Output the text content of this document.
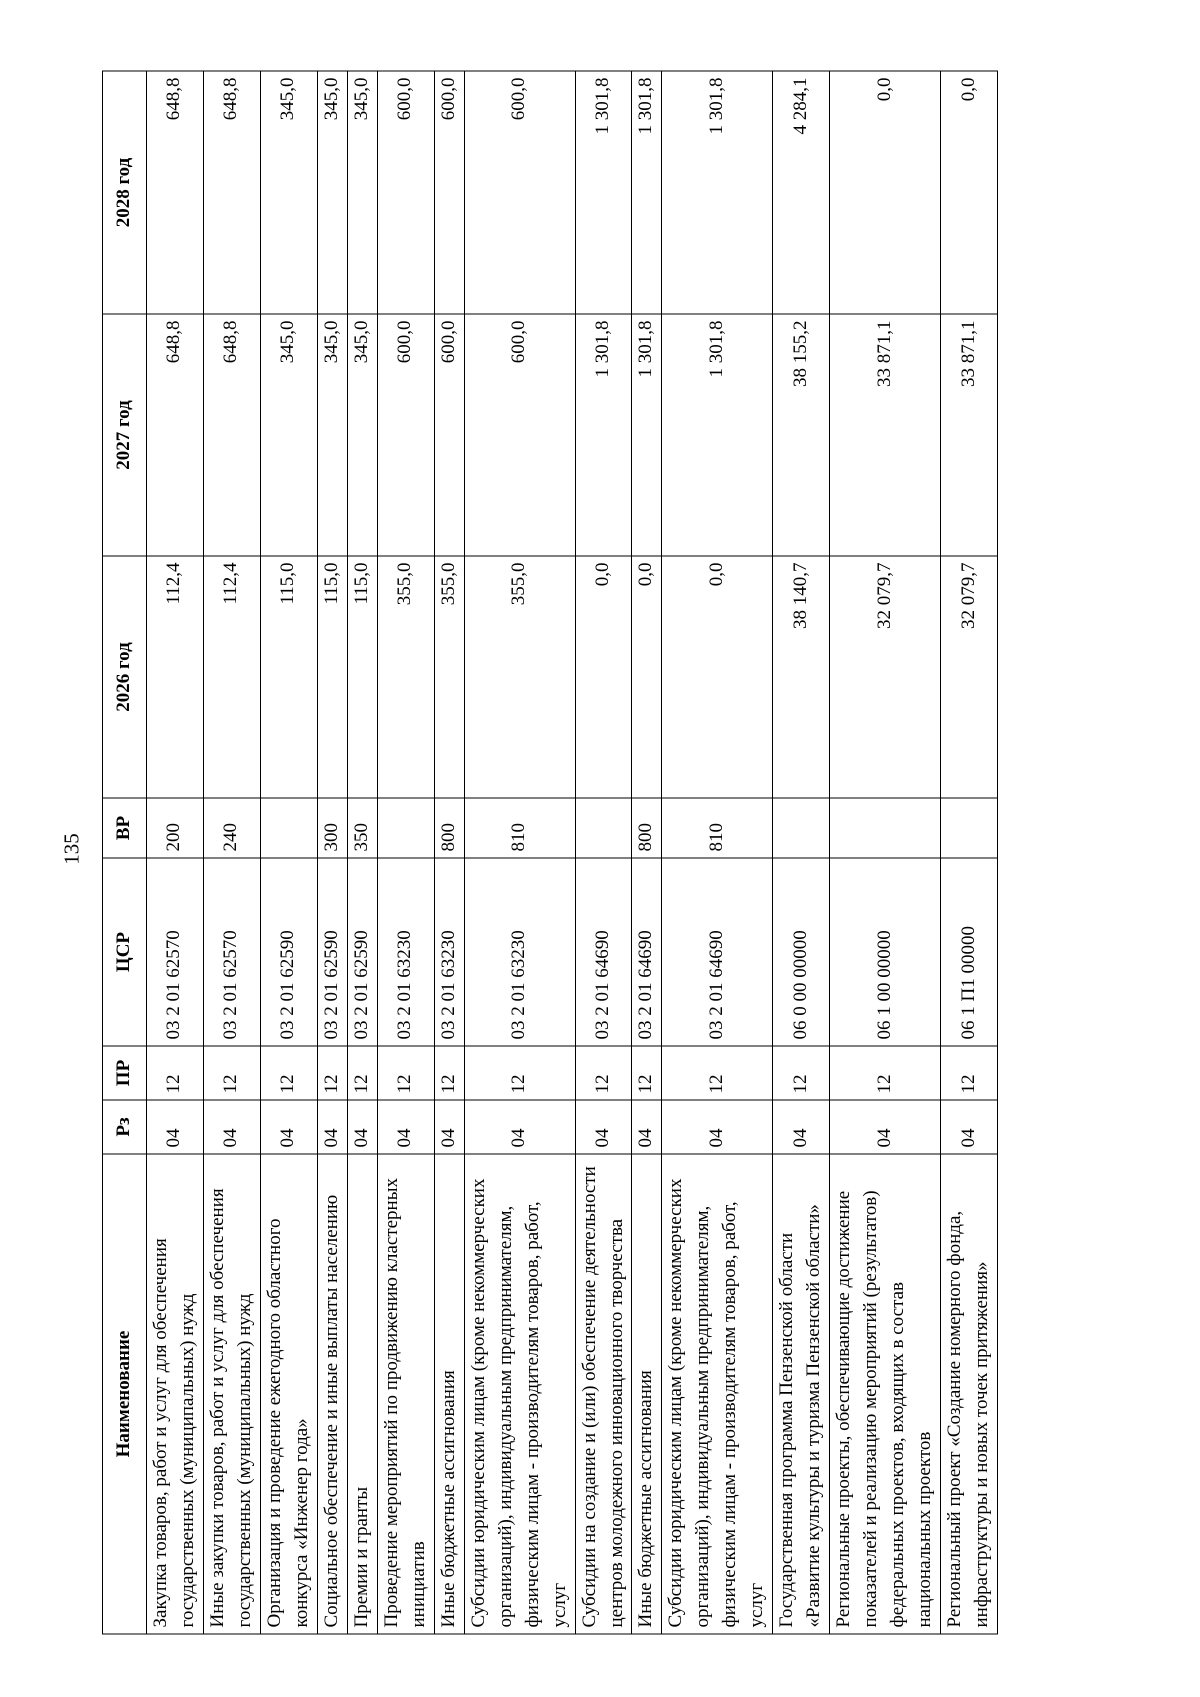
135
Наименование	Рз	ПР	ЦСР	ВР	2026 год	2027 год	2028 год
Закупка товаров, работ и услуг для обеспечения государственных (муниципальных) нужд	04	12	03 2 01 62570	200	112,4	648,8	648,8
Иные закупки товаров, работ и услуг для обеспечения государственных (муниципальных) нужд	04	12	03 2 01 62570	240	112,4	648,8	648,8
Организация и проведение ежегодного областного конкурса «Инженер года»	04	12	03 2 01 62590		115,0	345,0	345,0
Социальное обеспечение и иные выплаты населению	04	12	03 2 01 62590	300	115,0	345,0	345,0
Премии и гранты	04	12	03 2 01 62590	350	115,0	345,0	345,0
Проведение мероприятий по продвижению кластерных инициатив	04	12	03 2 01 63230		355,0	600,0	600,0
Иные бюджетные ассигнования	04	12	03 2 01 63230	800	355,0	600,0	600,0
Субсидии юридическим лицам (кроме некоммерческих организаций), индивидуальным предпринимателям, физическим лицам - производителям товаров, работ, услуг	04	12	03 2 01 63230	810	355,0	600,0	600,0
Субсидии на создание и (или) обеспечение деятельности центров молодежного инновационного творчества	04	12	03 2 01 64690		0,0	1 301,8	1 301,8
Иные бюджетные ассигнования	04	12	03 2 01 64690	800	0,0	1 301,8	1 301,8
Субсидии юридическим лицам (кроме некоммерческих организаций), индивидуальным предпринимателям, физическим лицам - производителям товаров, работ, услуг	04	12	03 2 01 64690	810	0,0	1 301,8	1 301,8
Государственная программа Пензенской области «Развитие культуры и туризма Пензенской области»	04	12	06 0 00 00000		38 140,7	38 155,2	4 284,1
Региональные проекты, обеспечивающие достижение показателей и реализацию мероприятий (результатов) федеральных проектов, входящих в состав национальных проектов	04	12	06 1 00 00000		32 079,7	33 871,1	0,0
Региональный проект «Создание номерного фонда, инфраструктуры и новых точек притяжения»	04	12	06 1 П1 00000		32 079,7	33 871,1	0,0
